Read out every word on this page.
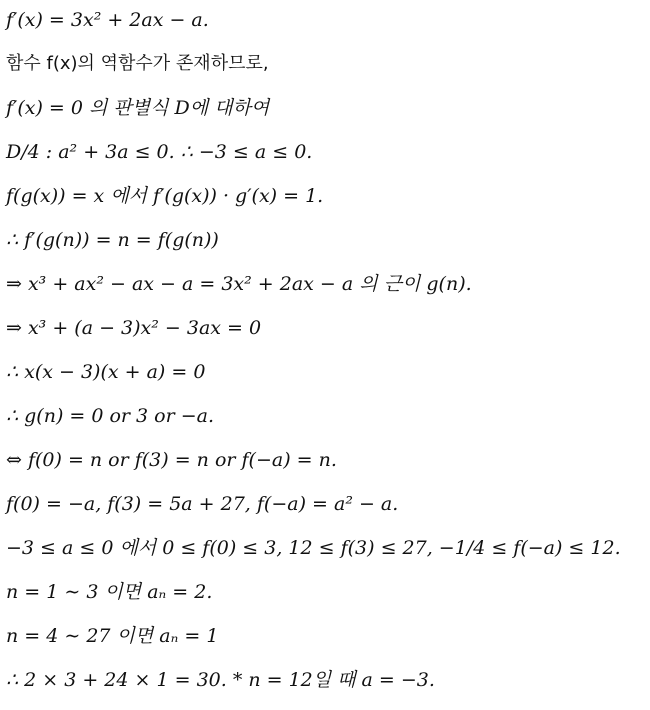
f′(x) = 3x² + 2ax − a.
함수 f(x)의 역함수가 존재하므로,
f′(x) = 0 의 판별식 D에 대하여
D/4 : a² + 3a ≤ 0. ∴ −3 ≤ a ≤ 0.
f(g(x)) = x 에서 f′(g(x)) · g′(x) = 1.
∴ f′(g(n)) = n = f(g(n))
⇒ x³ + ax² − ax − a = 3x² + 2ax − a 의 근이 g(n).
⇒ x³ + (a − 3)x² − 3ax = 0
∴ x(x − 3)(x + a) = 0
∴ g(n) = 0 or 3 or −a.
⇔ f(0) = n or f(3) = n or f(−a) = n.
f(0) = −a, f(3) = 5a + 27, f(−a) = a² − a.
−3 ≤ a ≤ 0 에서 0 ≤ f(0) ≤ 3, 12 ≤ f(3) ≤ 27, −1/4 ≤ f(−a) ≤ 12.
n = 1 ∼ 3 이면 aₙ = 2.
n = 4 ∼ 27 이면 aₙ = 1
∴ 2 × 3 + 24 × 1 = 30. * n = 12일 때 a = −3.
